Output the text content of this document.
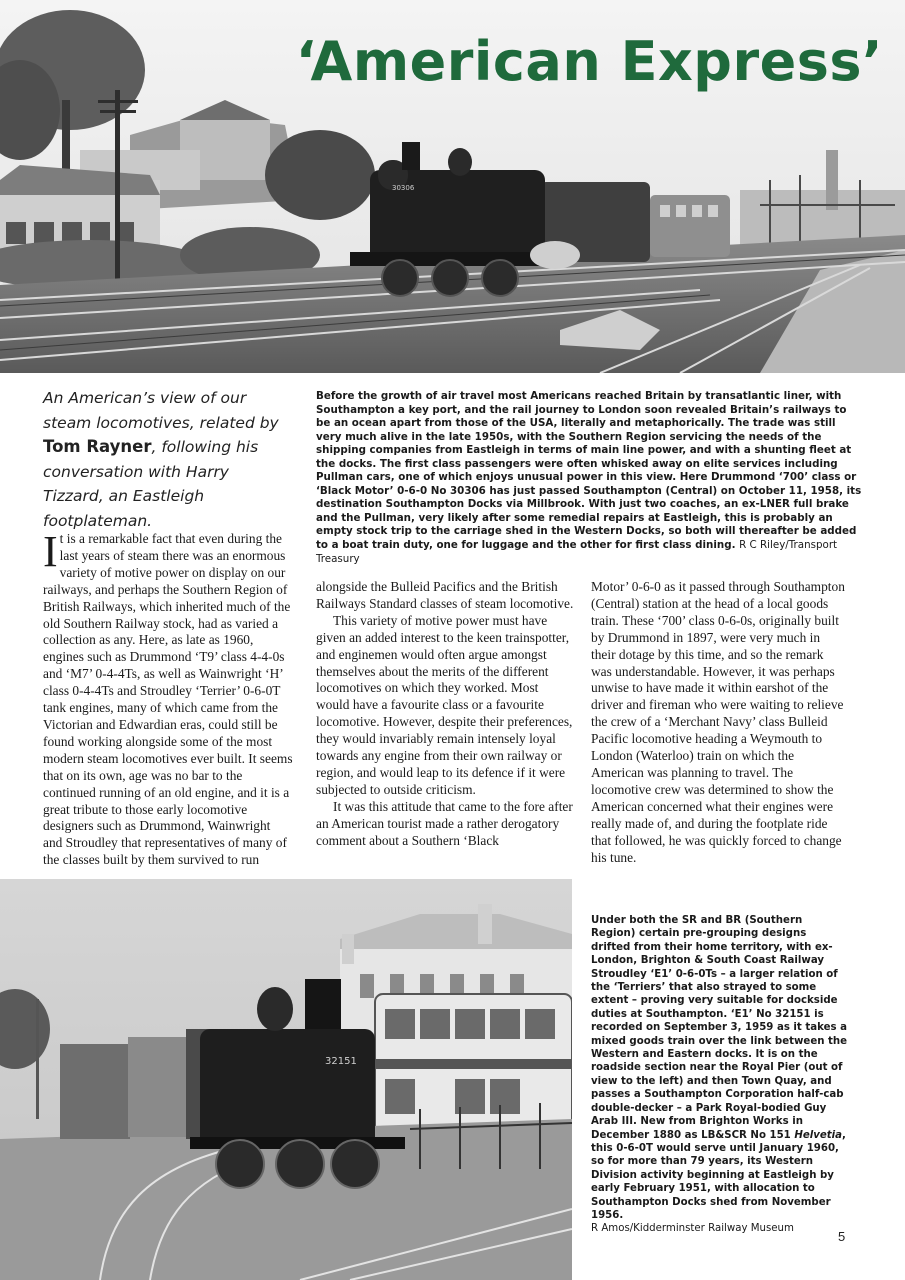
30306
‘American Express’
An American’s view of our steam locomotives, related by Tom Rayner, following his conversation with Harry Tizzard, an Eastleigh footplateman.
Before the growth of air travel most Americans reached Britain by transatlantic liner, with Southampton a key port, and the rail journey to London soon revealed Britain’s railways to be an ocean apart from those of the USA, literally and metaphorically. The trade was still very much alive in the late 1950s, with the Southern Region servicing the needs of the shipping companies from Eastleigh in terms of main line power, and with a shunting fleet at the docks. The first class passengers were often whisked away on elite services including Pullman cars, one of which enjoys unusual power in this view. Here Drummond ‘700’ class or ‘Black Motor’ 0-6-0 No 30306 has just passed Southampton (Central) on October 11, 1958, its destination Southampton Docks via Millbrook. With just two coaches, an ex-LNER full brake and the Pullman, very likely after some remedial repairs at Eastleigh, this is probably an empty stock trip to the carriage shed in the Western Docks, so both will thereafter be added to a boat train duty, one for luggage and the other for first class dining. R C Riley/Transport Treasury

It is a remarkable fact that even during the last years of steam there was an enormous variety of motive power on display on our railways, and perhaps the Southern Region of British Railways, which inherited much of the old Southern Railway stock, had as varied a collection as any. Here, as late as 1960, engines such as Drummond ‘T9’ class 4-4-0s and ‘M7’ 0-4-4Ts, as well as Wainwright ‘H’ class 0-4-4Ts and Stroudley ‘Terrier’ 0-6-0T tank engines, many of which came from the Victorian and Edwardian eras, could still be found working alongside some of the most modern steam locomotives ever built. It seems that on its own, age was no bar to the continued running of an old engine, and it is a great tribute to those early locomotive designers such as Drummond, Wainwright and Stroudley that representatives of many of the classes built by them survived to run

alongside the Bulleid Pacifics and the British Railways Standard classes of steam locomotive.

This variety of motive power must have given an added interest to the keen trainspotter, and enginemen would often argue amongst themselves about the merits of the different locomotives on which they worked. Most would have a favourite class or a favourite locomotive. However, despite their preferences, they would invariably remain intensely loyal towards any engine from their own railway or region, and would leap to its defence if it were subjected to outside criticism.

It was this attitude that came to the fore after an American tourist made a rather derogatory comment about a Southern ‘Black

Motor’ 0-6-0 as it passed through Southampton (Central) station at the head of a local goods train. These ‘700’ class 0-6-0s, originally built by Drummond in 1897, were very much in their dotage by this time, and so the remark was understandable. However, it was perhaps unwise to have made it within earshot of the driver and fireman who were waiting to relieve the crew of a ‘Merchant Navy’ class Bulleid Pacific locomotive heading a Weymouth to London (Waterloo) train on which the American was planning to travel. The locomotive crew was determined to show the American concerned what their engines were really made of, and during the footplate ride that followed, he was quickly forced to change his tune.

32151
Under both the SR and BR (Southern Region) certain pre-grouping designs drifted from their home territory, with ex-London, Brighton & South Coast Railway Stroudley ‘E1’ 0-6-0Ts – a larger relation of the ‘Terriers’ that also strayed to some extent – proving very suitable for dockside duties at Southampton. ‘E1’ No 32151 is recorded on September 3, 1959 as it takes a mixed goods train over the link between the Western and Eastern docks. It is on the roadside section near the Royal Pier (out of view to the left) and then Town Quay, and passes a Southampton Corporation half-cab double-decker – a Park Royal-bodied Guy Arab III. New from Brighton Works in December 1880 as LB&SCR No 151 Helvetia, this 0-6-0T would serve until January 1960, so for more than 79 years, its Western Division activity beginning at Eastleigh by early February 1951, with allocation to Southampton Docks shed from November 1956.
R Amos/Kidderminster Railway Museum
5
